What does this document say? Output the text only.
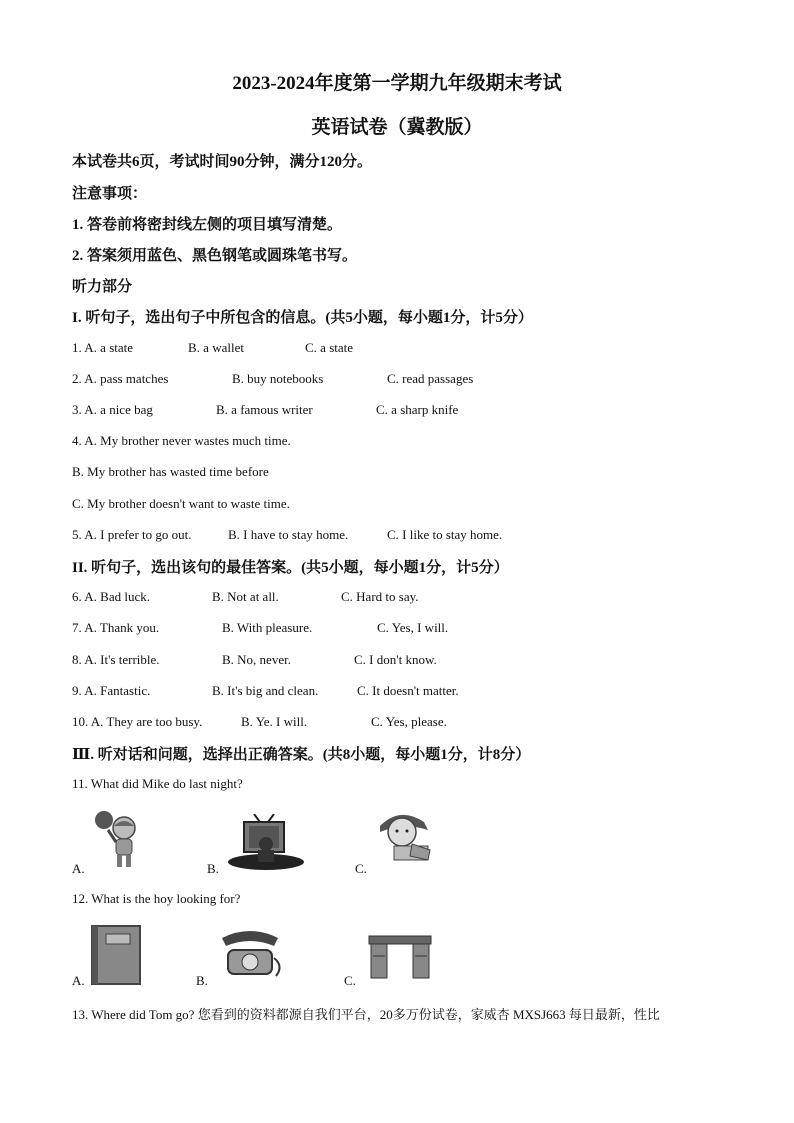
2023-2024年度第一学期九年级期末考试
英语试卷（冀教版）
本试卷共6页，考试时间90分钟，满分120分。
注意事项：
1. 答卷前将密封线左侧的项目填写清楚。
2. 答案须用蓝色、黑色钢笔或圆珠笔书写。
听力部分
I. 听句子，选出句子中所包含的信息。(共5小题，每小题1分，计5分）
1. A. a state	B. a wallet	C. a state
2. A. pass matches	B. buy notebooks	C. read passages
3. A. a nice bag	B. a famous writer	C. a sharp knife
4. A. My brother never wastes much time.
B. My brother has wasted time before
C. My brother doesn't want to waste time.
5. A. I prefer to go out.	B. I have to stay home.	C. I like to stay home.
II. 听句子，选出该句的最佳答案。(共5小题，每小题1分，计5分）
6. A. Bad luck.	B. Not at all.	C. Hard to say.
7. A. Thank you.	B. With pleasure.	C. Yes, I will.
8. A. It's terrible.	B. No, never.	C. I don't know.
9. A. Fantastic.	B. It's big and clean.	C. It doesn't matter.
10. A. They are too busy.	B. Ye. I will.	C. Yes, please.
Ⅲ. 听对话和问题，选择出正确答案。(共8小题，每小题1分，计8分）
11. What did Mike do last night?
A.	B.	C.
12. What is the hoy looking for?
A.	B.	C.
13. Where did Tom go? 您看到的资料都源自我们平台，20多万份试卷，家威杏 MXSJ663 每日最新，性比
